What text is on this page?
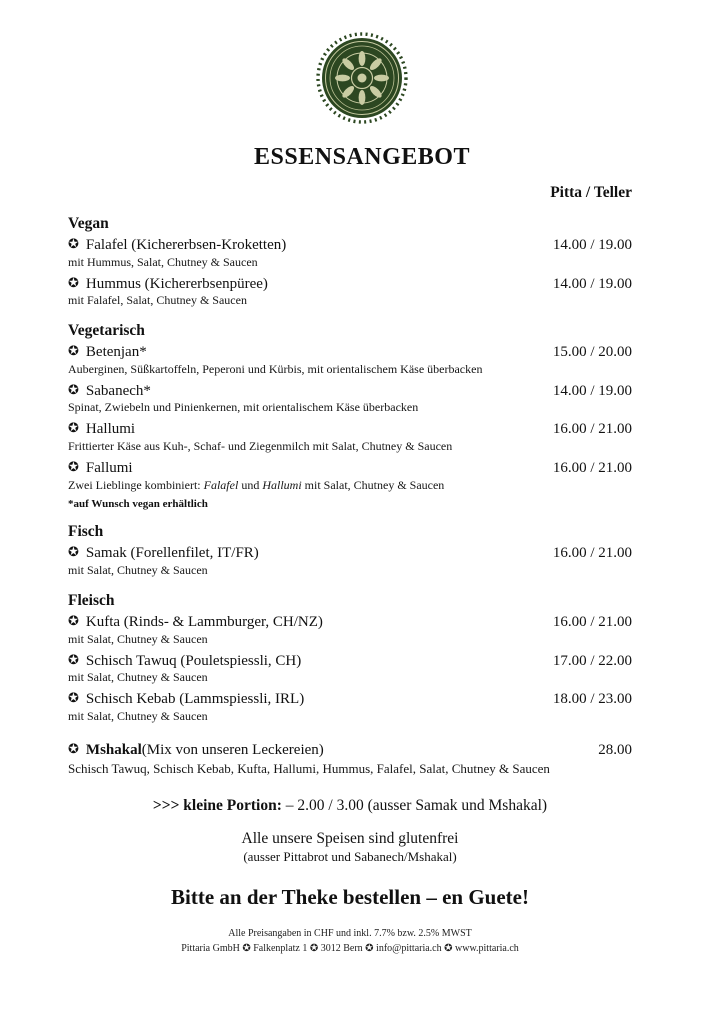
ESSENSANGEBOT
Pitta / Teller
Vegan
✪ Falafel (Kichererbsen-Kroketten)	14.00 / 19.00
mit Hummus, Salat, Chutney & Saucen
✪ Hummus (Kichererbsenpüree)	14.00 / 19.00
mit Falafel, Salat, Chutney & Saucen
Vegetarisch
✪ Betenjan*	15.00 / 20.00
Auberginen, Süßkartoffeln, Peperoni und Kürbis, mit orientalischem Käse überbacken
✪ Sabanech*	14.00 / 19.00
Spinat, Zwiebeln und Pinienkernen, mit orientalischem Käse überbacken
✪ Hallumi	16.00 / 21.00
Frittierter Käse aus Kuh-, Schaf- und Ziegenmilch mit Salat, Chutney & Saucen
✪ Fallumi	16.00 / 21.00
Zwei Lieblinge kombiniert: Falafel und Hallumi mit Salat, Chutney & Saucen
*auf Wunsch vegan erhältlich
Fisch
✪ Samak (Forellenfilet, IT/FR)	16.00 / 21.00
mit Salat, Chutney & Saucen
Fleisch
✪ Kufta (Rinds- & Lammburger, CH/NZ)	16.00 / 21.00
mit Salat, Chutney & Saucen
✪ Schisch Tawuq (Pouletspiessli, CH)	17.00 / 22.00
mit Salat, Chutney & Saucen
✪ Schisch Kebab (Lammspiessli, IRL)	18.00 / 23.00
mit Salat, Chutney & Saucen
✪ Mshakal (Mix von unseren Leckereien)	28.00
Schisch Tawuq, Schisch Kebab, Kufta, Hallumi, Hummus, Falafel, Salat, Chutney & Saucen
>>> kleine Portion: – 2.00 / 3.00 (ausser Samak und Mshakal)
Alle unsere Speisen sind glutenfrei
(ausser Pittabrot und Sabanech/Mshakal)
Bitte an der Theke bestellen – en Guete!
Alle Preisangaben in CHF und inkl. 7.7% bzw. 2.5% MWST
Pittaria GmbH ✪ Falkenplatz 1 ✪ 3012 Bern ✪ info@pittaria.ch ✪ www.pittaria.ch
